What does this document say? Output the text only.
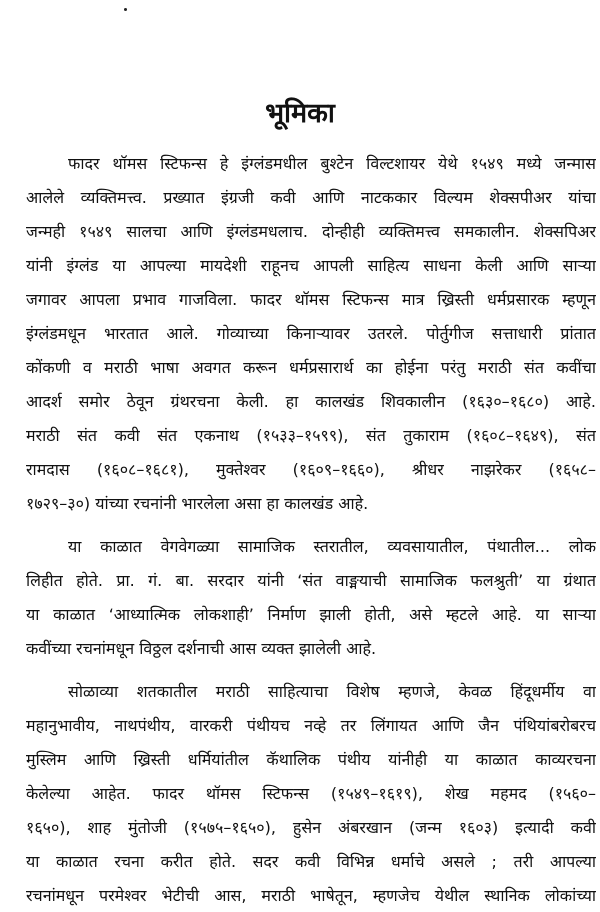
भूमिका
फादर थॉमस स्टिफन्स हे इंग्लंडमधील बुश्टेन विल्टशायर येथे १५४९ मध्ये जन्मास
आलेले व्यक्तिमत्त्व. प्रख्यात इंग्रजी कवी आणि नाटककार विल्यम शेक्सपीअर यांचा
जन्मही १५४९ सालचा आणि इंग्लंडमधलाच. दोन्हीही व्यक्तिमत्त्व समकालीन. शेक्सपिअर
यांनी इंग्लंड या आपल्या मायदेशी राहूनच आपली साहित्य साधना केली आणि साऱ्या
जगावर आपला प्रभाव गाजविला. फादर थॉमस स्टिफन्स मात्र ख्रिस्ती धर्मप्रसारक म्हणून
इंग्लंडमधून भारतात आले. गोव्याच्या किनाऱ्यावर उतरले. पोर्तुगीज सत्ताधारी प्रांतात
कोंकणी व मराठी भाषा अवगत करून धर्मप्रसारार्थ का होईना परंतु मराठी संत कवींचा
आदर्श समोर ठेवून ग्रंथरचना केली. हा कालखंड शिवकालीन (१६३०–१६८०) आहे.
मराठी संत कवी संत एकनाथ (१५३३–१५९९), संत तुकाराम (१६०८–१६४९), संत
रामदास (१६०८–१६८१), मुक्तेश्वर (१६०९–१६६०), श्रीधर नाझरेकर (१६५८–
१७२९–३०) यांच्या रचनांनी भारलेला असा हा कालखंड आहे.
या काळात वेगवेगळ्या सामाजिक स्तरातील, व्यवसायातील, पंथातील... लोक
लिहीत होते. प्रा. गं. बा. सरदार यांनी ‘संत वाङ्मयाची सामाजिक फलश्रुती’ या ग्रंथात
या काळात ‘आध्यात्मिक लोकशाही’ निर्माण झाली होती, असे म्हटले आहे. या साऱ्या
कवींच्या रचनांमधून विठ्ठल दर्शनाची आस व्यक्त झालेली आहे.
सोळाव्या शतकातील मराठी साहित्याचा विशेष म्हणजे, केवळ हिंदूधर्मीय वा
महानुभावीय, नाथपंथीय, वारकरी पंथीयच नव्हे तर लिंगायत आणि जैन पंथियांबरोबरच
मुस्लिम आणि ख्रिस्ती धर्मियांतील कॅथालिक पंथीय यांनीही या काळात काव्यरचना
केलेल्या आहेत. फादर थॉमस स्टिफन्स (१५४९–१६१९), शेख महमद (१५६०–
१६५०), शाह मुंतोजी (१५७५–१६५०), हुसेन अंबरखान (जन्म १६०३) इत्यादी कवी
या काळात रचना करीत होते. सदर कवी विभिन्न धर्माचे असले ; तरी आपल्या
रचनांमधून परमेश्वर भेटीची आस, मराठी भाषेतून, म्हणजेच येथील स्थानिक लोकांच्या
